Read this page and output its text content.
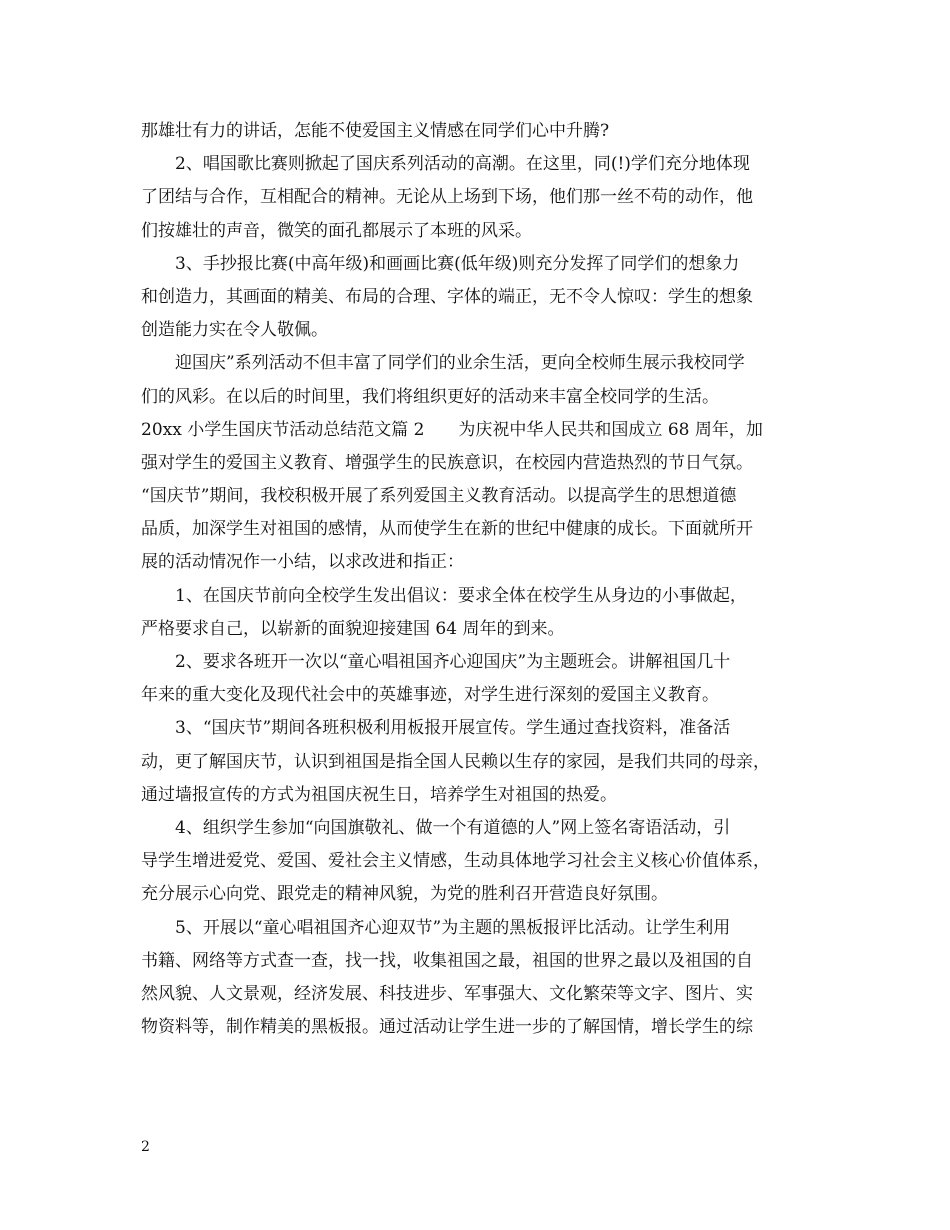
那雄壮有力的讲话，怎能不使爱国主义情感在同学们心中升腾?
2、唱国歌比赛则掀起了国庆系列活动的高潮。在这里，同(!)学们充分地体现
了团结与合作，互相配合的精神。无论从上场到下场，他们那一丝不苟的动作，他
们按雄壮的声音，微笑的面孔都展示了本班的风采。
3、手抄报比赛(中高年级)和画画比赛(低年级)则充分发挥了同学们的想象力
和创造力，其画面的精美、布局的合理、字体的端正，无不令人惊叹：学生的想象
创造能力实在令人敬佩。
迎国庆”系列活动不但丰富了同学们的业余生活，更向全校师生展示我校同学
们的风彩。在以后的时间里，我们将组织更好的活动来丰富全校同学的生活。
20xx 小学生国庆节活动总结范文篇 2　　为庆祝中华人民共和国成立 68 周年，加
强对学生的爱国主义教育、增强学生的民族意识，在校园内营造热烈的节日气氛。
“国庆节”期间，我校积极开展了系列爱国主义教育活动。以提高学生的思想道德
品质，加深学生对祖国的感情，从而使学生在新的世纪中健康的成长。下面就所开
展的活动情况作一小结，以求改进和指正：
1、在国庆节前向全校学生发出倡议：要求全体在校学生从身边的小事做起，
严格要求自己，以崭新的面貌迎接建国 64 周年的到来。
2、要求各班开一次以“童心唱祖国齐心迎国庆”为主题班会。讲解祖国几十
年来的重大变化及现代社会中的英雄事迹，对学生进行深刻的爱国主义教育。
3、“国庆节”期间各班积极利用板报开展宣传。学生通过查找资料，准备活
动，更了解国庆节，认识到祖国是指全国人民赖以生存的家园，是我们共同的母亲，
通过墙报宣传的方式为祖国庆祝生日，培养学生对祖国的热爱。
4、组织学生参加“向国旗敬礼、做一个有道德的人”网上签名寄语活动，引
导学生增进爱党、爱国、爱社会主义情感，生动具体地学习社会主义核心价值体系，
充分展示心向党、跟党走的精神风貌，为党的胜利召开营造良好氛围。
5、开展以“童心唱祖国齐心迎双节”为主题的黑板报评比活动。让学生利用
书籍、网络等方式查一查，找一找，收集祖国之最，祖国的世界之最以及祖国的自
然风貌、人文景观，经济发展、科技进步、军事强大、文化繁荣等文字、图片、实
物资料等，制作精美的黑板报。通过活动让学生进一步的了解国情，增长学生的综
2
